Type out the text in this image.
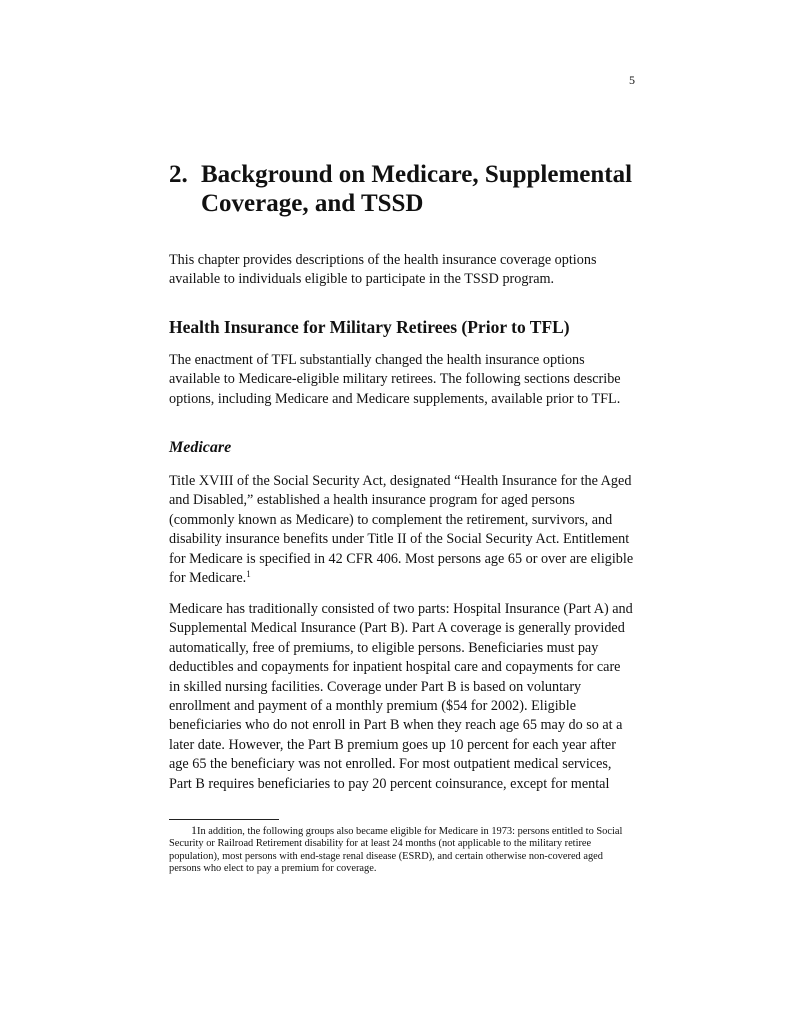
5
2. Background on Medicare, Supplemental
Coverage, and TSSD

This chapter provides descriptions of the health insurance coverage options available to individuals eligible to participate in the TSSD program.

Health Insurance for Military Retirees (Prior to TFL)

The enactment of TFL substantially changed the health insurance options available to Medicare-eligible military retirees. The following sections describe options, including Medicare and Medicare supplements, available prior to TFL.

Medicare

Title XVIII of the Social Security Act, designated “Health Insurance for the Aged and Disabled,” established a health insurance program for aged persons (commonly known as Medicare) to complement the retirement, survivors, and disability insurance benefits under Title II of the Social Security Act. Entitlement for Medicare is specified in 42 CFR 406. Most persons age 65 or over are eligible for Medicare.$^1$

Medicare has traditionally consisted of two parts: Hospital Insurance (Part A) and Supplemental Medical Insurance (Part B). Part A coverage is generally provided automatically, free of premiums, to eligible persons. Beneficiaries must pay deductibles and copayments for inpatient hospital care and copayments for care in skilled nursing facilities. Coverage under Part B is based on voluntary enrollment and payment of a monthly premium ($54 for 2002). Eligible beneficiaries who do not enroll in Part B when they reach age 65 may do so at a later date. However, the Part B premium goes up 10 percent for each year after age 65 the beneficiary was not enrolled. For most outpatient medical services, Part B requires beneficiaries to pay 20 percent coinsurance, except for mental

1In addition, the following groups also became eligible for Medicare in 1973: persons entitled to Social Security or Railroad Retirement disability for at least 24 months (not applicable to the military retiree population), most persons with end-stage renal disease (ESRD), and certain otherwise non-covered aged persons who elect to pay a premium for coverage.
